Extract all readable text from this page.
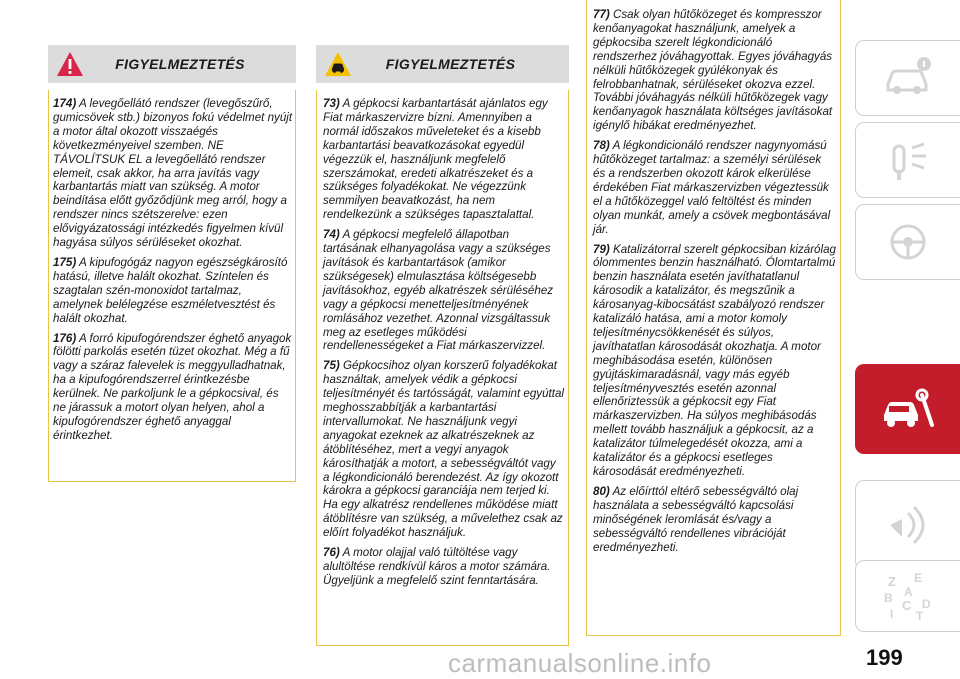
FIGYELMEZTETÉS

174) A levegőellátó rendszer (levegőszűrő, gumicsövek stb.) bizonyos fokú védelmet nyújt a motor által okozott visszaégés következményeivel szemben. NE TÁVOLÍTSUK EL a levegőellátó rendszer elemeit, csak akkor, ha arra javítás vagy karbantartás miatt van szükség. A motor beindítása előtt győződjünk meg arról, hogy a rendszer nincs szétszerelve: ezen elővigyázatossági intézkedés figyelmen kívül hagyása súlyos sérüléseket okozhat.

175) A kipufogógáz nagyon egészségkárosító hatású, illetve halált okozhat. Színtelen és szagtalan szén-monoxidot tartalmaz, amelynek belélegzése eszméletvesztést és halált okozhat.

176) A forró kipufogórendszer éghető anyagok fölötti parkolás esetén tüzet okozhat. Még a fű vagy a száraz falevelek is meggyulladhatnak, ha a kipufogórendszerrel érintkezésbe kerülnek. Ne parkoljunk le a gépkocsival, és ne járassuk a motort olyan helyen, ahol a kipufogórendszer éghető anyaggal érintkezhet.

FIGYELMEZTETÉS

73) A gépkocsi karbantartását ajánlatos egy Fiat márkaszervizre bízni. Amennyiben a normál időszakos műveleteket és a kisebb karbantartási beavatkozásokat egyedül végezzük el, használjunk megfelelő szerszámokat, eredeti alkatrészeket és a szükséges folyadékokat. Ne végezzünk semmilyen beavatkozást, ha nem rendelkezünk a szükséges tapasztalattal.

74) A gépkocsi megfelelő állapotban tartásának elhanyagolása vagy a szükséges javítások és karbantartások (amikor szükségesek) elmulasztása költségesebb javításokhoz, egyéb alkatrészek sérüléséhez vagy a gépkocsi menetteljesítményének romlásához vezethet. Azonnal vizsgáltassuk meg az esetleges működési rendellenességeket a Fiat márkaszervizzel.

75) Gépkocsihoz olyan korszerű folyadékokat használtak, amelyek védik a gépkocsi teljesítményét és tartósságát, valamint egyúttal meghosszabbítják a karbantartási intervallumokat. Ne használjunk vegyi anyagokat ezeknek az alkatrészeknek az átöblítéséhez, mert a vegyi anyagok károsíthatják a motort, a sebességváltót vagy a légkondicionáló berendezést. Az így okozott károkra a gépkocsi garanciája nem terjed ki. Ha egy alkatrész rendellenes működése miatt átöblítésre van szükség, a művelethez csak az előírt folyadékot használjuk.

76) A motor olajjal való túltöltése vagy alultöltése rendkívül káros a motor számára. Ügyeljünk a megfelelő szint fenntartására.

77) Csak olyan hűtőközeget és kompresszor kenőanyagokat használjunk, amelyek a gépkocsiba szerelt légkondicionáló rendszerhez jóváhagyottak. Egyes jóváhagyás nélküli hűtőközegek gyúlékonyak és felrobbanhatnak, sérüléseket okozva ezzel. További jóváhagyás nélküli hűtőközegek vagy kenőanyagok használata költséges javításokat igénylő hibákat eredményezhet.

78) A légkondicionáló rendszer nagynyomású hűtőközeget tartalmaz: a személyi sérülések és a rendszerben okozott károk elkerülése érdekében Fiat márkaszervizben végeztessük el a hűtőközeggel való feltöltést és minden olyan munkát, amely a csövek megbontásával jár.

79) Katalizátorral szerelt gépkocsiban kizárólag ólommentes benzin használható. Ólomtartalmú benzin használata esetén javíthatatlanul károsodik a katalizátor, és megszűnik a károsanyag-kibocsátást szabályozó rendszer katalizáló hatása, ami a motor komoly teljesítménycsökkenését és súlyos, javíthatatlan károsodását okozhatja. A motor meghibásodása esetén, különösen gyújtáskimaradásnál, vagy más egyéb teljesítményvesztés esetén azonnal ellenőriztessük a gépkocsit egy Fiat márkaszervizben. Ha súlyos meghibásodás mellett tovább használjuk a gépkocsit, az a katalizátor túlmelegedését okozza, ami a katalizátor és a gépkocsi esetleges károsodását eredményezheti.

80) Az előírttól eltérő sebességváltó olaj használata a sebességváltó kapcsolási minőségének leromlását és/vagy a sebességváltó rendellenes vibrációját eredményezheti.

Z E
B C D
A
I T
carmanualsonline.info	199
